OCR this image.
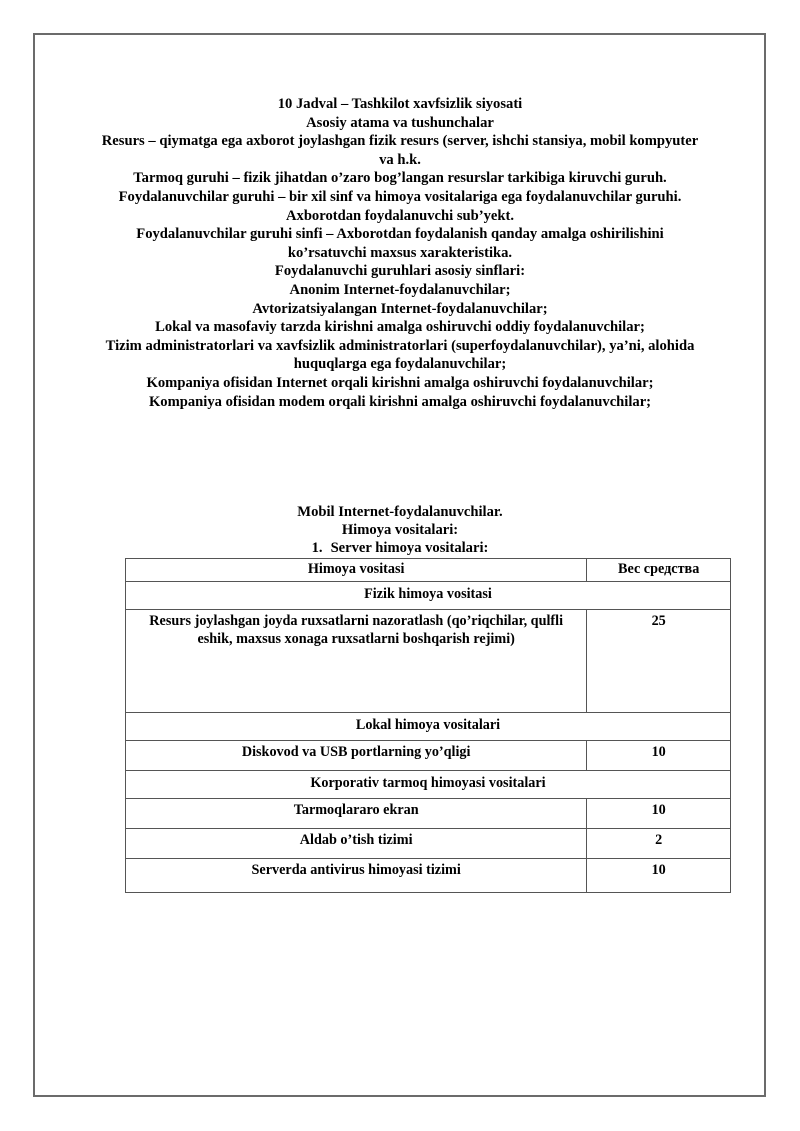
10 Jadval – Tashkilot xavfsizlik siyosati
Asosiy atama va tushunchalar
Resurs – qiymatga ega axborot joylashgan fizik resurs (server, ishchi stansiya, mobil kompyuter va h.k.
Tarmoq guruhi – fizik jihatdan o’zaro bog’langan resurslar tarkibiga kiruvchi guruh.
Foydalanuvchilar guruhi – bir xil sinf va himoya vositalariga ega foydalanuvchilar guruhi.
Axborotdan foydalanuvchi sub’yekt.
Foydalanuvchilar guruhi sinfi – Axborotdan foydalanish qanday amalga oshirilishini ko’rsatuvchi maxsus xarakteristika.
Foydalanuvchi guruhlari asosiy sinflari:
Anonim Internet-foydalanuvchilar;
Avtorizatsiyalangan Internet-foydalanuvchilar;
Lokal va masofaviy tarzda kirishni amalga oshiruvchi oddiy foydalanuvchilar;
Tizim administratorlari va xavfsizlik administratorlari (superfoydalanuvchilar), ya’ni, alohida huquqlarga ega foydalanuvchilar;
Kompaniya ofisidan Internet orqali kirishni amalga oshiruvchi foydalanuvchilar;
Kompaniya ofisidan modem orqali kirishni amalga oshiruvchi foydalanuvchilar;
Mobil Internet-foydalanuvchilar.
Himoya vositalari:
1. Server himoya vositalari:
Himoya vositasi	Вес средства
Fizik himoya vositasi	

Resurs joylashgan joyda ruxsatlarni nazoratlash (qo’riqchilar, qulfli eshik, maxsus xonaga ruxsatlarni boshqarish rejimi)	25
Lokal himoya vositalari	
Diskovod va USB portlarning yo’qligi	10
Korporativ tarmoq himoyasi vositalari	
Tarmoqlararo ekran	10
Aldab o’tish tizimi	2
Serverda antivirus himoyasi tizimi	10
